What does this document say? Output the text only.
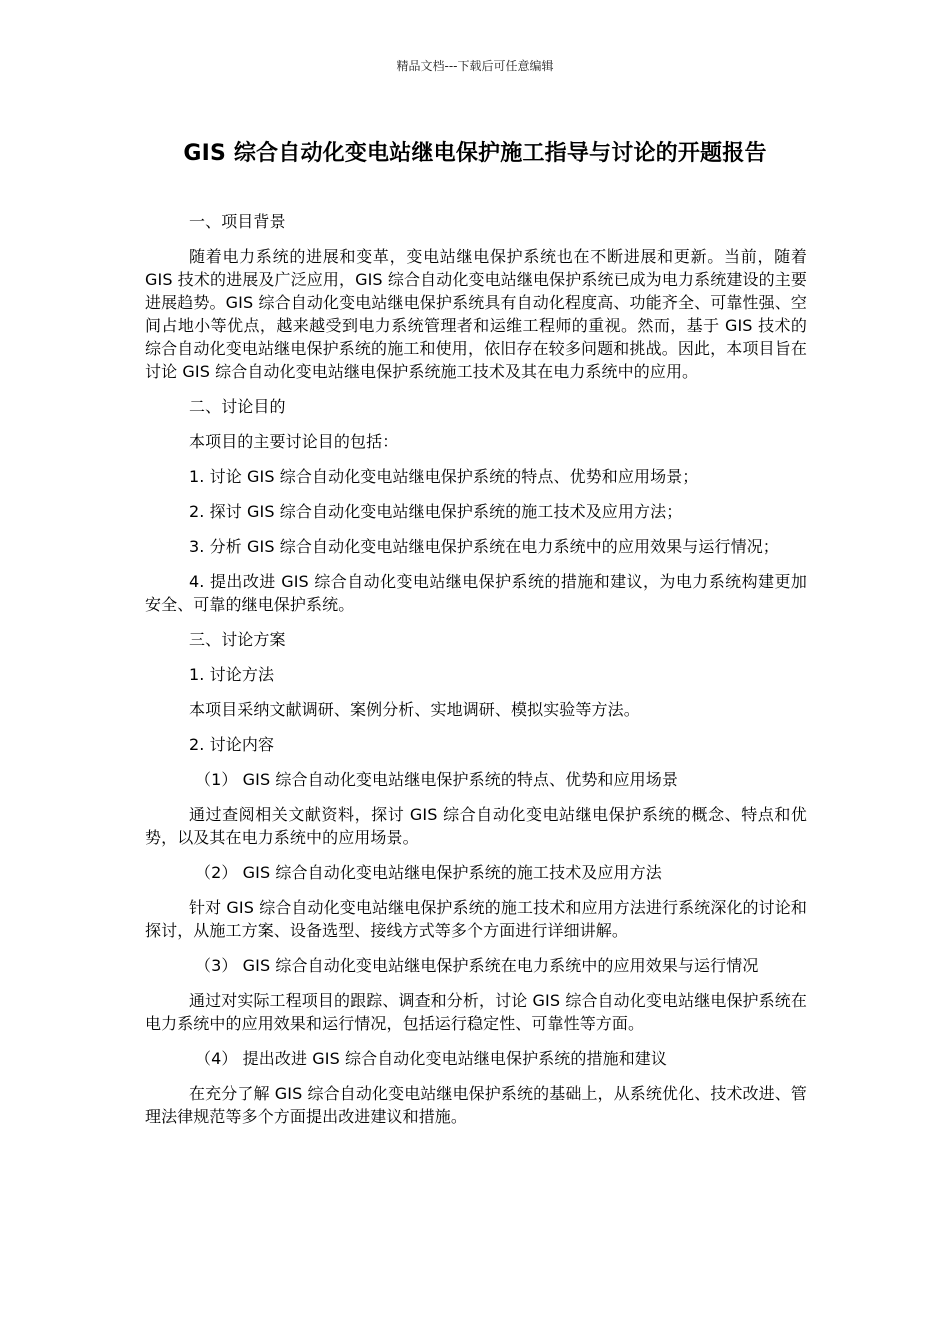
精品文档---下载后可任意编辑
GIS 综合自动化变电站继电保护施工指导与讨论的开题报告

一、项目背景

随着电力系统的进展和变革，变电站继电保护系统也在不断进展和更新。当前，随着 GIS 技术的进展及广泛应用，GIS 综合自动化变电站继电保护系统已成为电力系统建设的主要进展趋势。GIS 综合自动化变电站继电保护系统具有自动化程度高、功能齐全、可靠性强、空间占地小等优点，越来越受到电力系统管理者和运维工程师的重视。然而，基于 GIS 技术的综合自动化变电站继电保护系统的施工和使用，依旧存在较多问题和挑战。因此，本项目旨在讨论 GIS 综合自动化变电站继电保护系统施工技术及其在电力系统中的应用。

二、讨论目的

本项目的主要讨论目的包括：

1. 讨论 GIS 综合自动化变电站继电保护系统的特点、优势和应用场景；

2. 探讨 GIS 综合自动化变电站继电保护系统的施工技术及应用方法；

3. 分析 GIS 综合自动化变电站继电保护系统在电力系统中的应用效果与运行情况；

4. 提出改进 GIS 综合自动化变电站继电保护系统的措施和建议，为电力系统构建更加安全、可靠的继电保护系统。

三、讨论方案

1. 讨论方法

本项目采纳文献调研、案例分析、实地调研、模拟实验等方法。

2. 讨论内容

（1） GIS 综合自动化变电站继电保护系统的特点、优势和应用场景

通过查阅相关文献资料，探讨 GIS 综合自动化变电站继电保护系统的概念、特点和优势，以及其在电力系统中的应用场景。

（2） GIS 综合自动化变电站继电保护系统的施工技术及应用方法

针对 GIS 综合自动化变电站继电保护系统的施工技术和应用方法进行系统深化的讨论和探讨，从施工方案、设备选型、接线方式等多个方面进行详细讲解。

（3） GIS 综合自动化变电站继电保护系统在电力系统中的应用效果与运行情况

通过对实际工程项目的跟踪、调查和分析，讨论 GIS 综合自动化变电站继电保护系统在电力系统中的应用效果和运行情况，包括运行稳定性、可靠性等方面。

（4） 提出改进 GIS 综合自动化变电站继电保护系统的措施和建议

在充分了解 GIS 综合自动化变电站继电保护系统的基础上，从系统优化、技术改进、管理法律规范等多个方面提出改进建议和措施。
